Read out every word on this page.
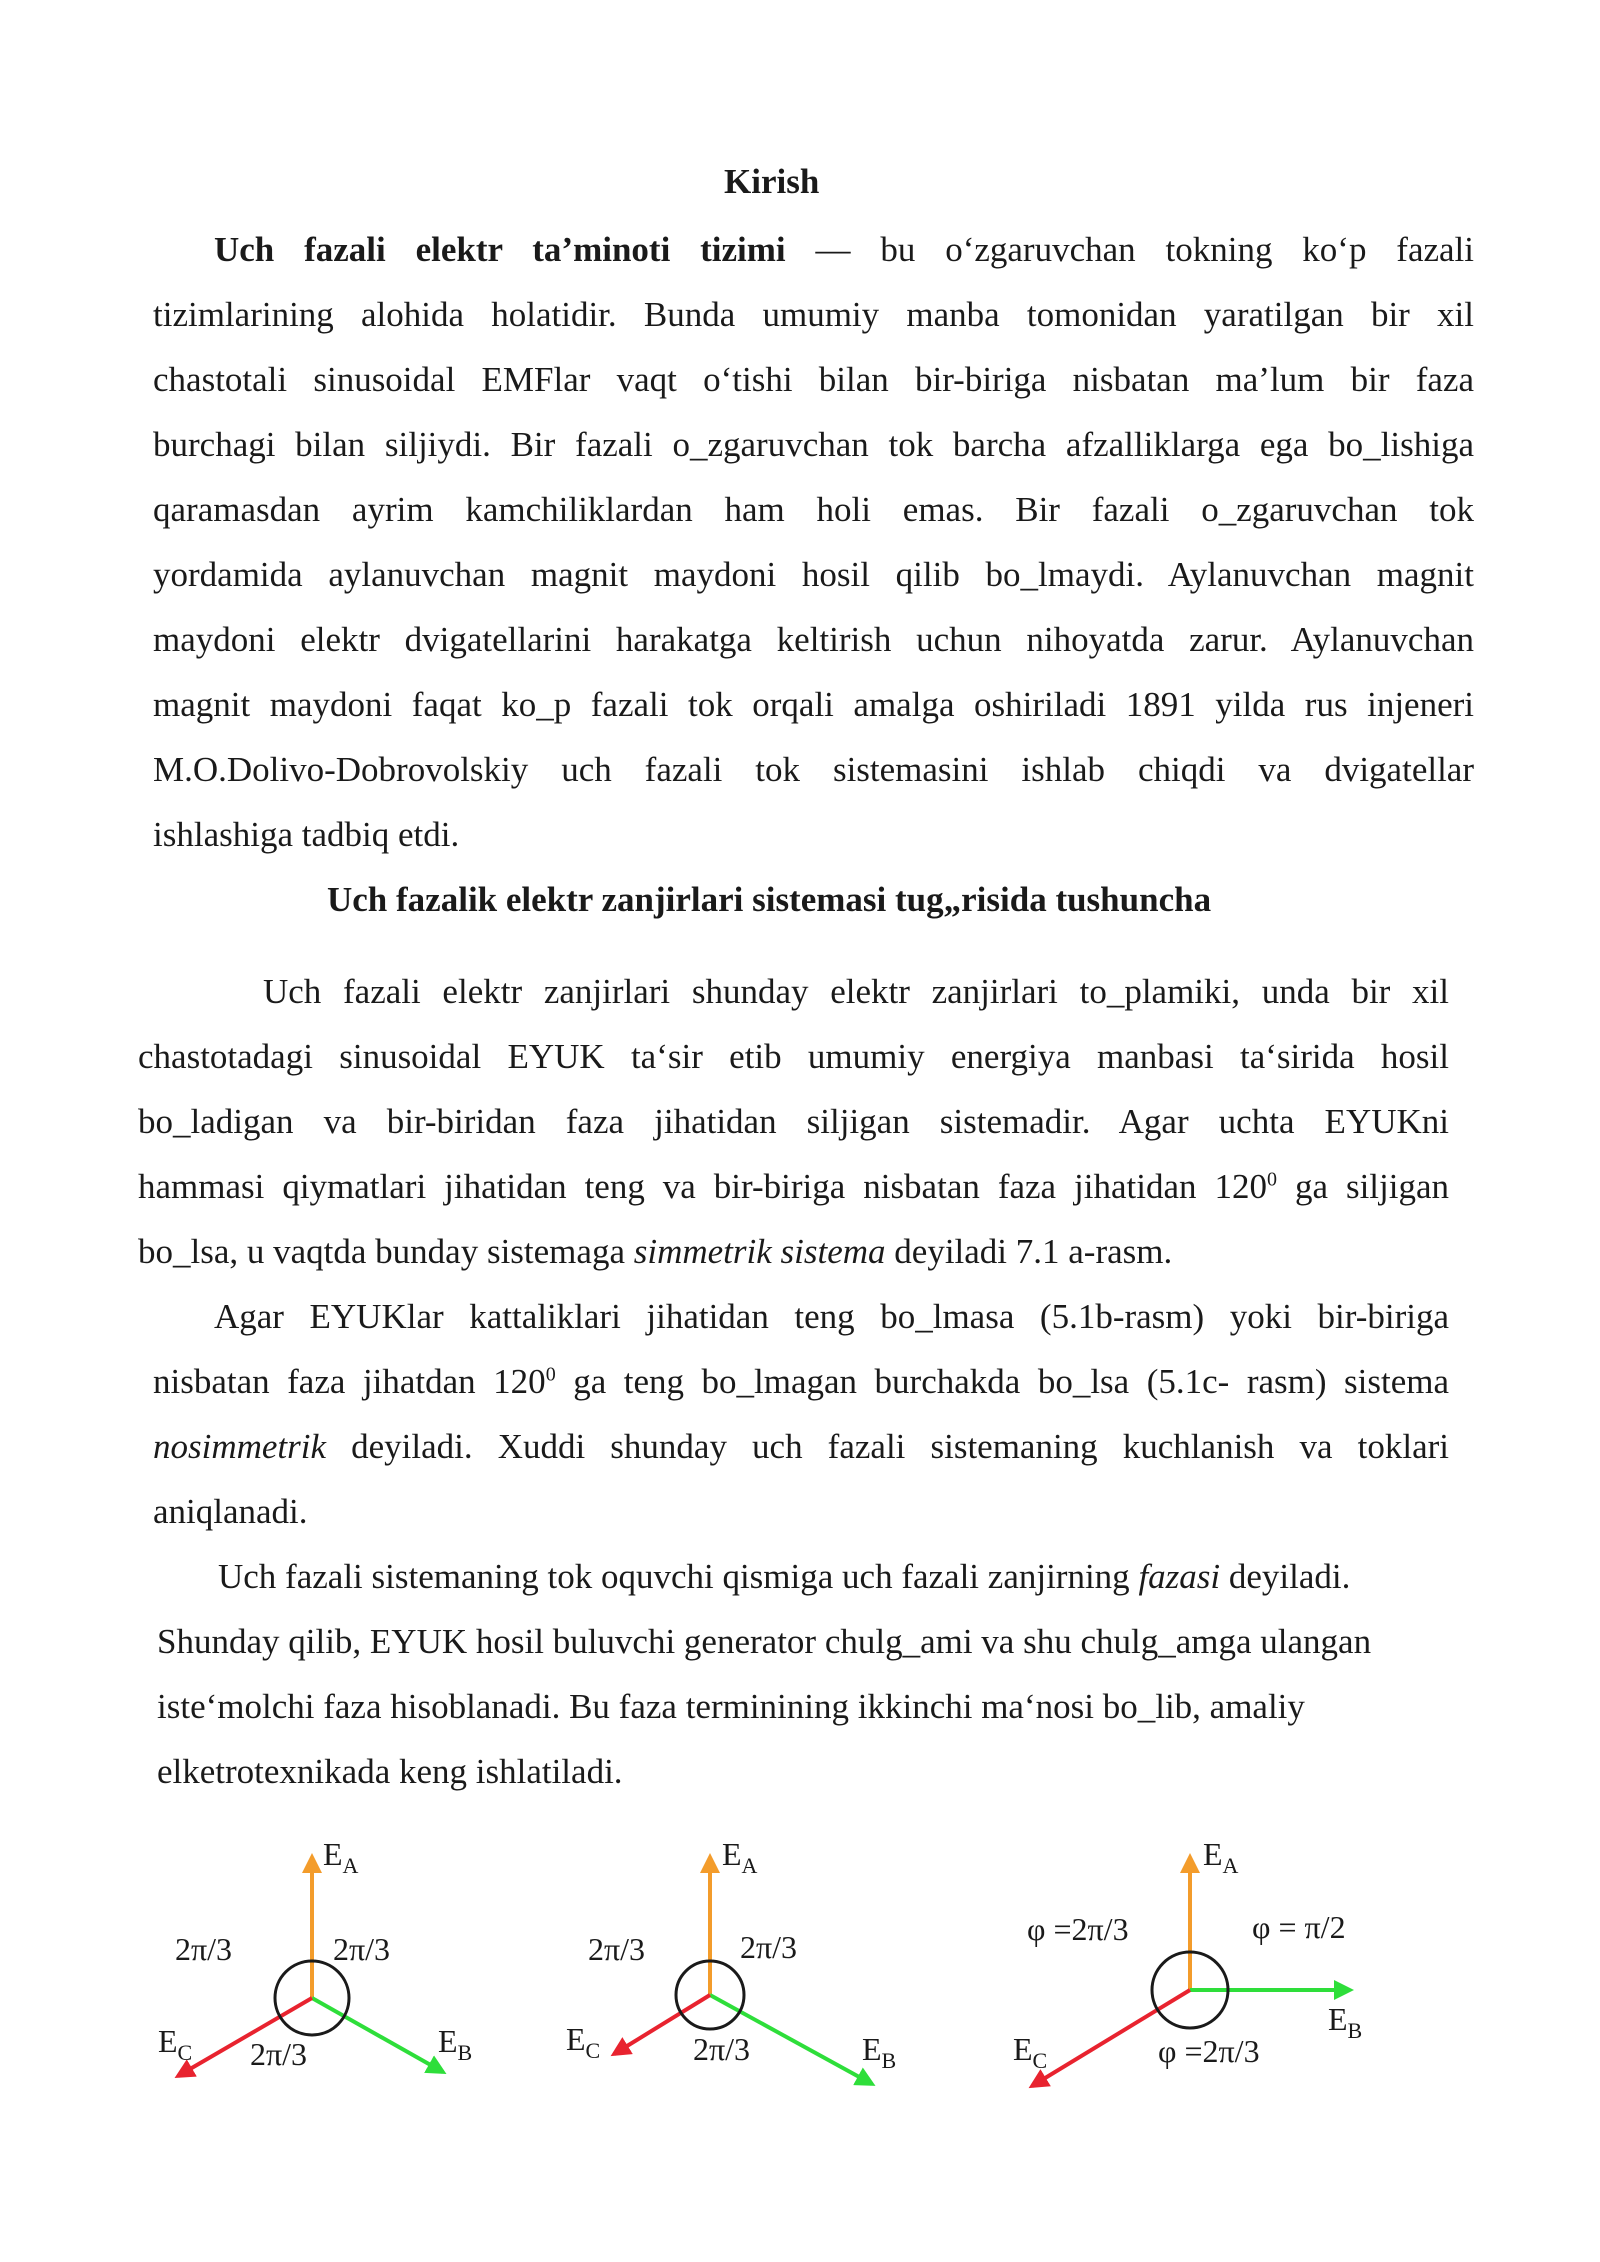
Kirish
Uch fazali elektr ta’minoti tizimi — bu o‘zgaruvchan tokning ko‘p fazali
tizimlarining alohida holatidir. Bunda umumiy manba tomonidan yaratilgan bir xil
chastotali sinusoidal EMFlar vaqt o‘tishi bilan bir-biriga nisbatan ma’lum bir faza
burchagi bilan siljiydi. Bir fazali o_zgaruvchan tok barcha afzalliklarga ega bo_lishiga
qaramasdan ayrim kamchiliklardan ham holi emas. Bir fazali o_zgaruvchan tok
yordamida aylanuvchan magnit maydoni hosil qilib bo_lmaydi. Aylanuvchan magnit
maydoni elektr dvigatellarini harakatga keltirish uchun nihoyatda zarur. Aylanuvchan
magnit maydoni faqat ko_p fazali tok orqali amalga oshiriladi 1891 yilda rus injeneri
M.O.Dolivo-Dobrovolskiy uch fazali tok sistemasini ishlab chiqdi va dvigatellar
ishlashiga tadbiq etdi.
Uch fazalik elektr zanjirlari sistemasi tug„risida tushuncha
Uch fazali elektr zanjirlari shunday elektr zanjirlari to_plamiki, unda bir xil
chastotadagi sinusoidal EYUK ta‘sir etib umumiy energiya manbasi ta‘sirida hosil
bo_ladigan va bir-biridan faza jihatidan siljigan sistemadir. Agar uchta EYUKni
hammasi qiymatlari jihatidan teng va bir-biriga nisbatan faza jihatidan $120^0$ ga siljigan
bo_lsa, u vaqtda bunday sistemaga simmetrik sistema deyiladi 7.1 a-rasm.
Agar EYUKlar kattaliklari jihatidan teng bo_lmasa (5.1b-rasm) yoki bir-biriga
nisbatan faza jihatdan $120^0$ ga teng bo_lmagan burchakda bo_lsa (5.1c- rasm) sistema
nosimmetrik deyiladi. Xuddi shunday uch fazali sistemaning kuchlanish va toklari
aniqlanadi.
Uch fazali sistemaning tok oquvchi qismiga uch fazali zanjirning fazasi deyiladi.
Shunday qilib, EYUK hosil buluvchi generator chulg_ami va shu chulg_amga ulangan
iste‘molchi faza hisoblanadi. Bu faza terminining ikkinchi ma‘nosi bo_lib, amaliy
elketrotexnikada keng ishlatiladi.
$E_A$
$E_B$
$E_C$
2π/3	2π/3
2π/3
$E_A$
$E_B$
$E_C$
2π/3	2π/3
2π/3
$E_A$
$E_B$
$E_C$
φ =2π/3	φ = π/2
φ =2π/3
